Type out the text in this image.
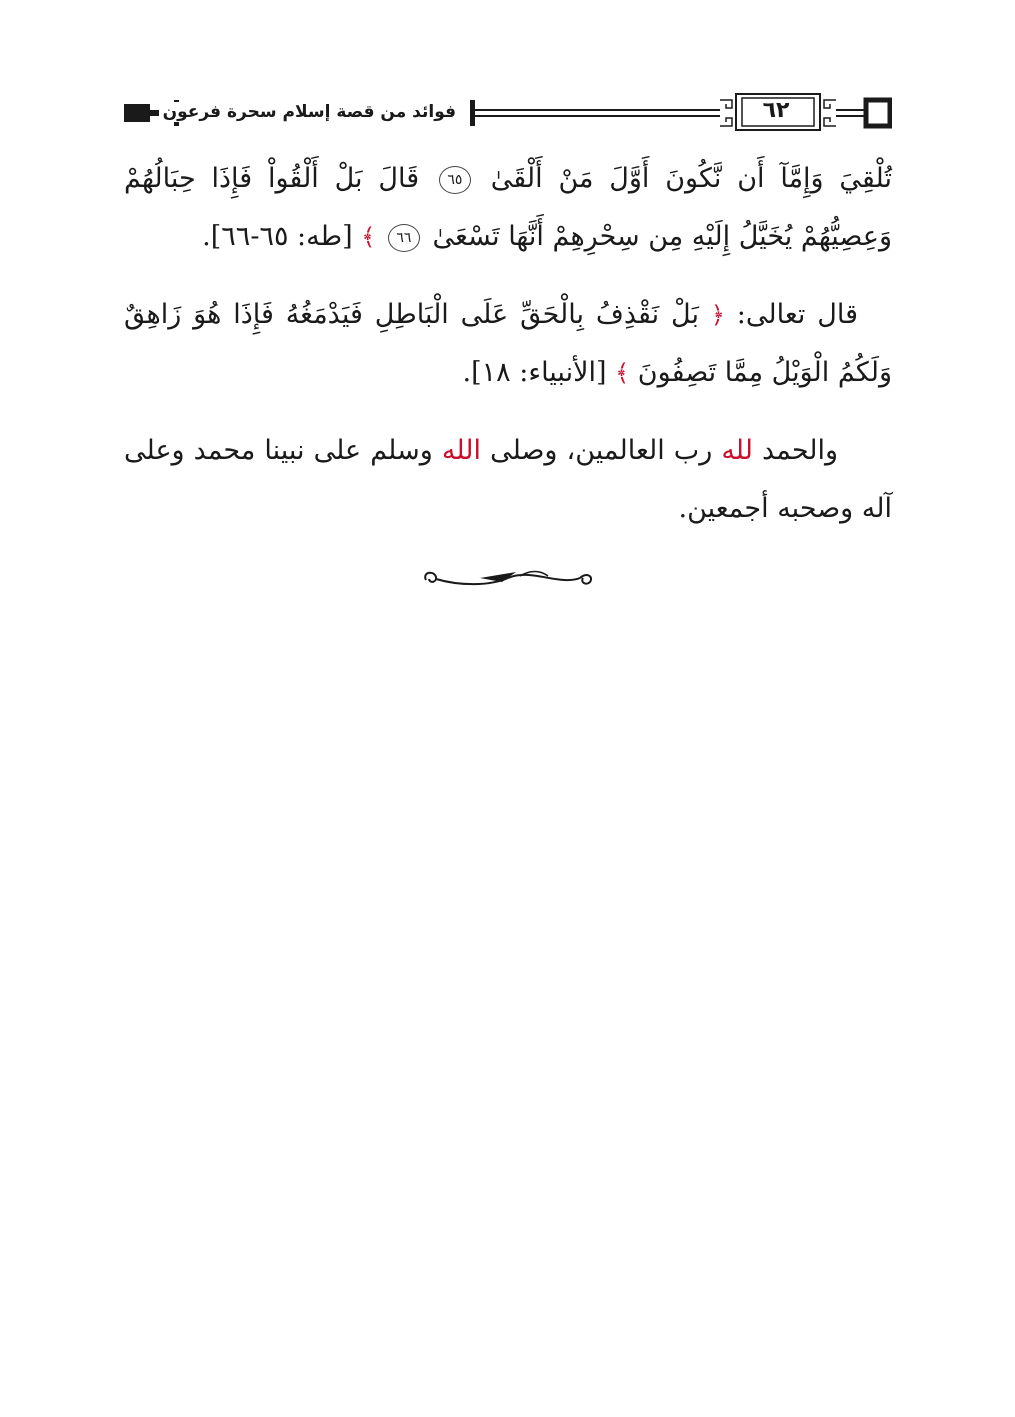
فوائد من قصة إسلام سحرة فرعون	٦٢
تُلْقِيَ وَإِمَّآ أَن نَّكُونَ أَوَّلَ مَنْ أَلْقَىٰ ٦٥ قَالَ بَلْ أَلْقُواْ فَإِذَا حِبَالُهُمْ وَعِصِيُّهُمْ يُخَيَّلُ إِلَيْهِ مِن سِحْرِهِمْ أَنَّهَا تَسْعَىٰ ٦٦ ﴾ [طه: ٦٥-٦٦].
قال تعالى: ﴿ بَلْ نَقْذِفُ بِالْحَقِّ عَلَى الْبَاطِلِ فَيَدْمَغُهُ فَإِذَا هُوَ زَاهِقٌ وَلَكُمُ الْوَيْلُ مِمَّا تَصِفُونَ ﴾ [الأنبياء: ١٨].
والحمد لله رب العالمين، وصلى الله وسلم على نبينا محمد وعلى آله وصحبه أجمعين.
